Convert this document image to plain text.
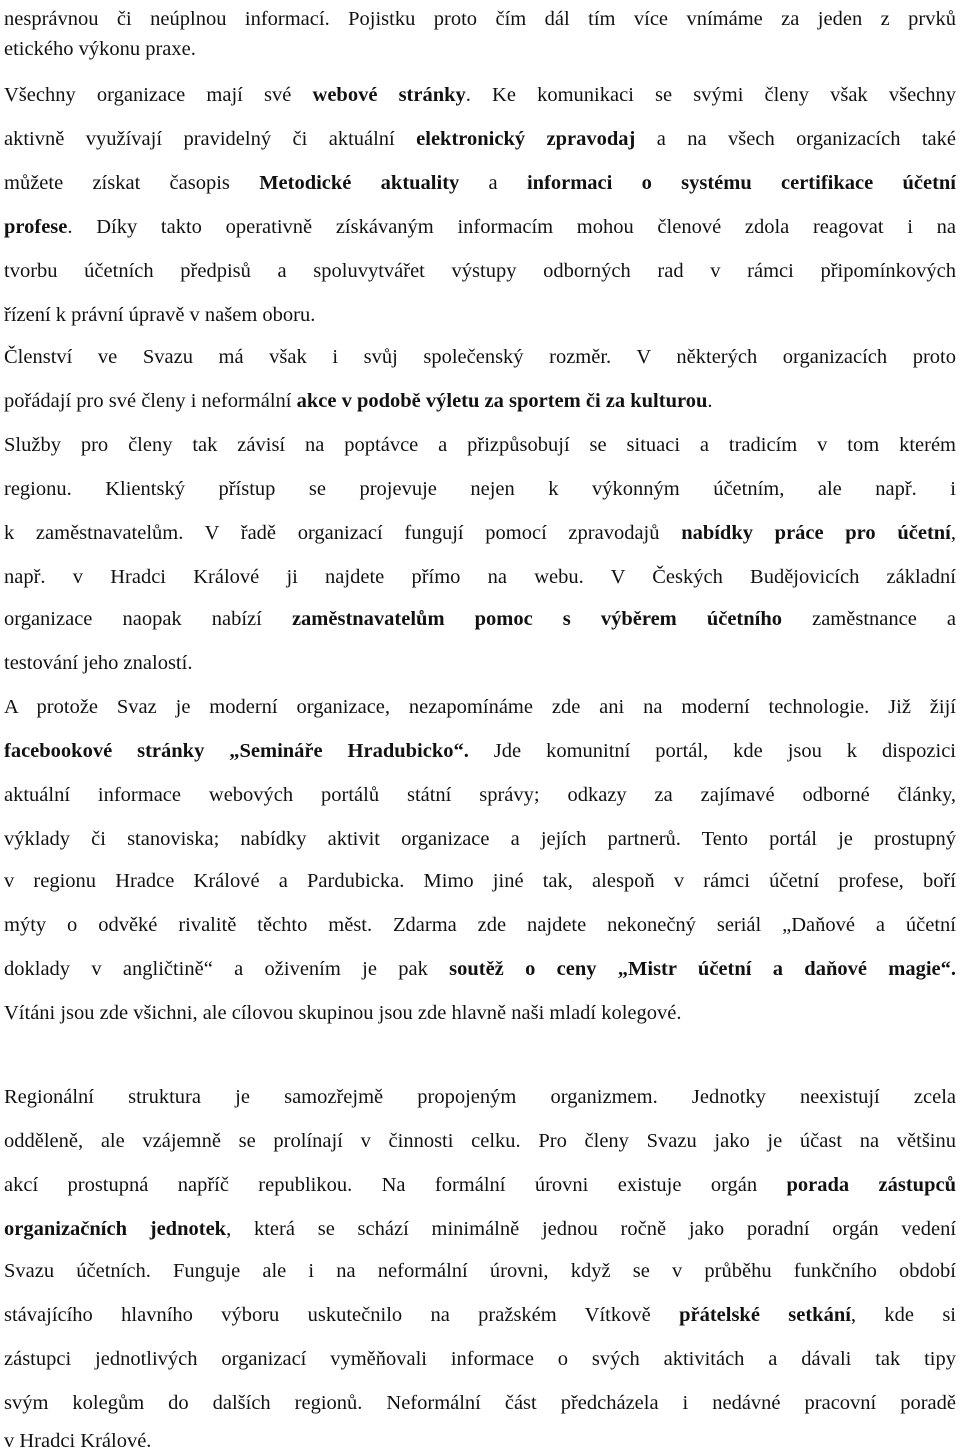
nesprávnou či neúplnou informací. Pojistku proto čím dál tím více vnímáme za jeden z prvků
etického výkonu praxe.
Všechny organizace mají své webové stránky. Ke komunikaci se svými členy však všechny
aktivně využívají pravidelný či aktuální elektronický zpravodaj a na všech organizacích také
můžete získat časopis Metodické aktuality a informaci o systému certifikace účetní
profese. Díky takto operativně získávaným informacím mohou členové zdola reagovat i na
tvorbu účetních předpisů a spoluvytvářet výstupy odborných rad v rámci připomínkových
řízení k právní úpravě v našem oboru.
Členství ve Svazu má však i svůj společenský rozměr. V některých organizacích proto
pořádají pro své členy i neformální akce v podobě výletu za sportem či za kulturou.
Služby pro členy tak závisí na poptávce a přizpůsobují se situaci a tradicím v tom kterém
regionu. Klientský přístup se projevuje nejen k výkonným účetním, ale např. i
k zaměstnavatelům. V řadě organizací fungují pomocí zpravodajů nabídky práce pro účetní,
např. v Hradci Králové ji najdete přímo na webu. V Českých Budějovicích základní
organizace naopak nabízí zaměstnavatelům pomoc s výběrem účetního zaměstnance a
testování jeho znalostí.
A protože Svaz je moderní organizace, nezapomínáme zde ani na moderní technologie. Již žijí
facebookové stránky „Semináře Hradubicko“. Jde komunitní portál, kde jsou k dispozici
aktuální informace webových portálů státní správy; odkazy za zajímavé odborné články,
výklady či stanoviska; nabídky aktivit organizace a jejích partnerů. Tento portál je prostupný
v regionu Hradce Králové a Pardubicka. Mimo jiné tak, alespoň v rámci účetní profese, boří
mýty o odvěké rivalitě těchto měst. Zdarma zde najdete nekonečný seriál „Daňové a účetní
doklady v angličtině“ a oživením je pak soutěž o ceny „Mistr účetní a daňové magie“.
Vítáni jsou zde všichni, ale cílovou skupinou jsou zde hlavně naši mladí kolegové.
Regionální struktura je samozřejmě propojeným organizmem. Jednotky neexistují zcela
odděleně, ale vzájemně se prolínají v činnosti celku. Pro členy Svazu jako je účast na většinu
akcí prostupná napříč republikou. Na formální úrovni existuje orgán porada zástupců
organizačních jednotek, která se schází minimálně jednou ročně jako poradní orgán vedení
Svazu účetních. Funguje ale i na neformální úrovni, když se v průběhu funkčního období
stávajícího hlavního výboru uskutečnilo na pražském Vítkově přátelské setkání, kde si
zástupci jednotlivých organizací vyměňovali informace o svých aktivitách a dávali tak tipy
svým kolegům do dalších regionů. Neformální část předcházela i nedávné pracovní poradě
v Hradci Králové.
